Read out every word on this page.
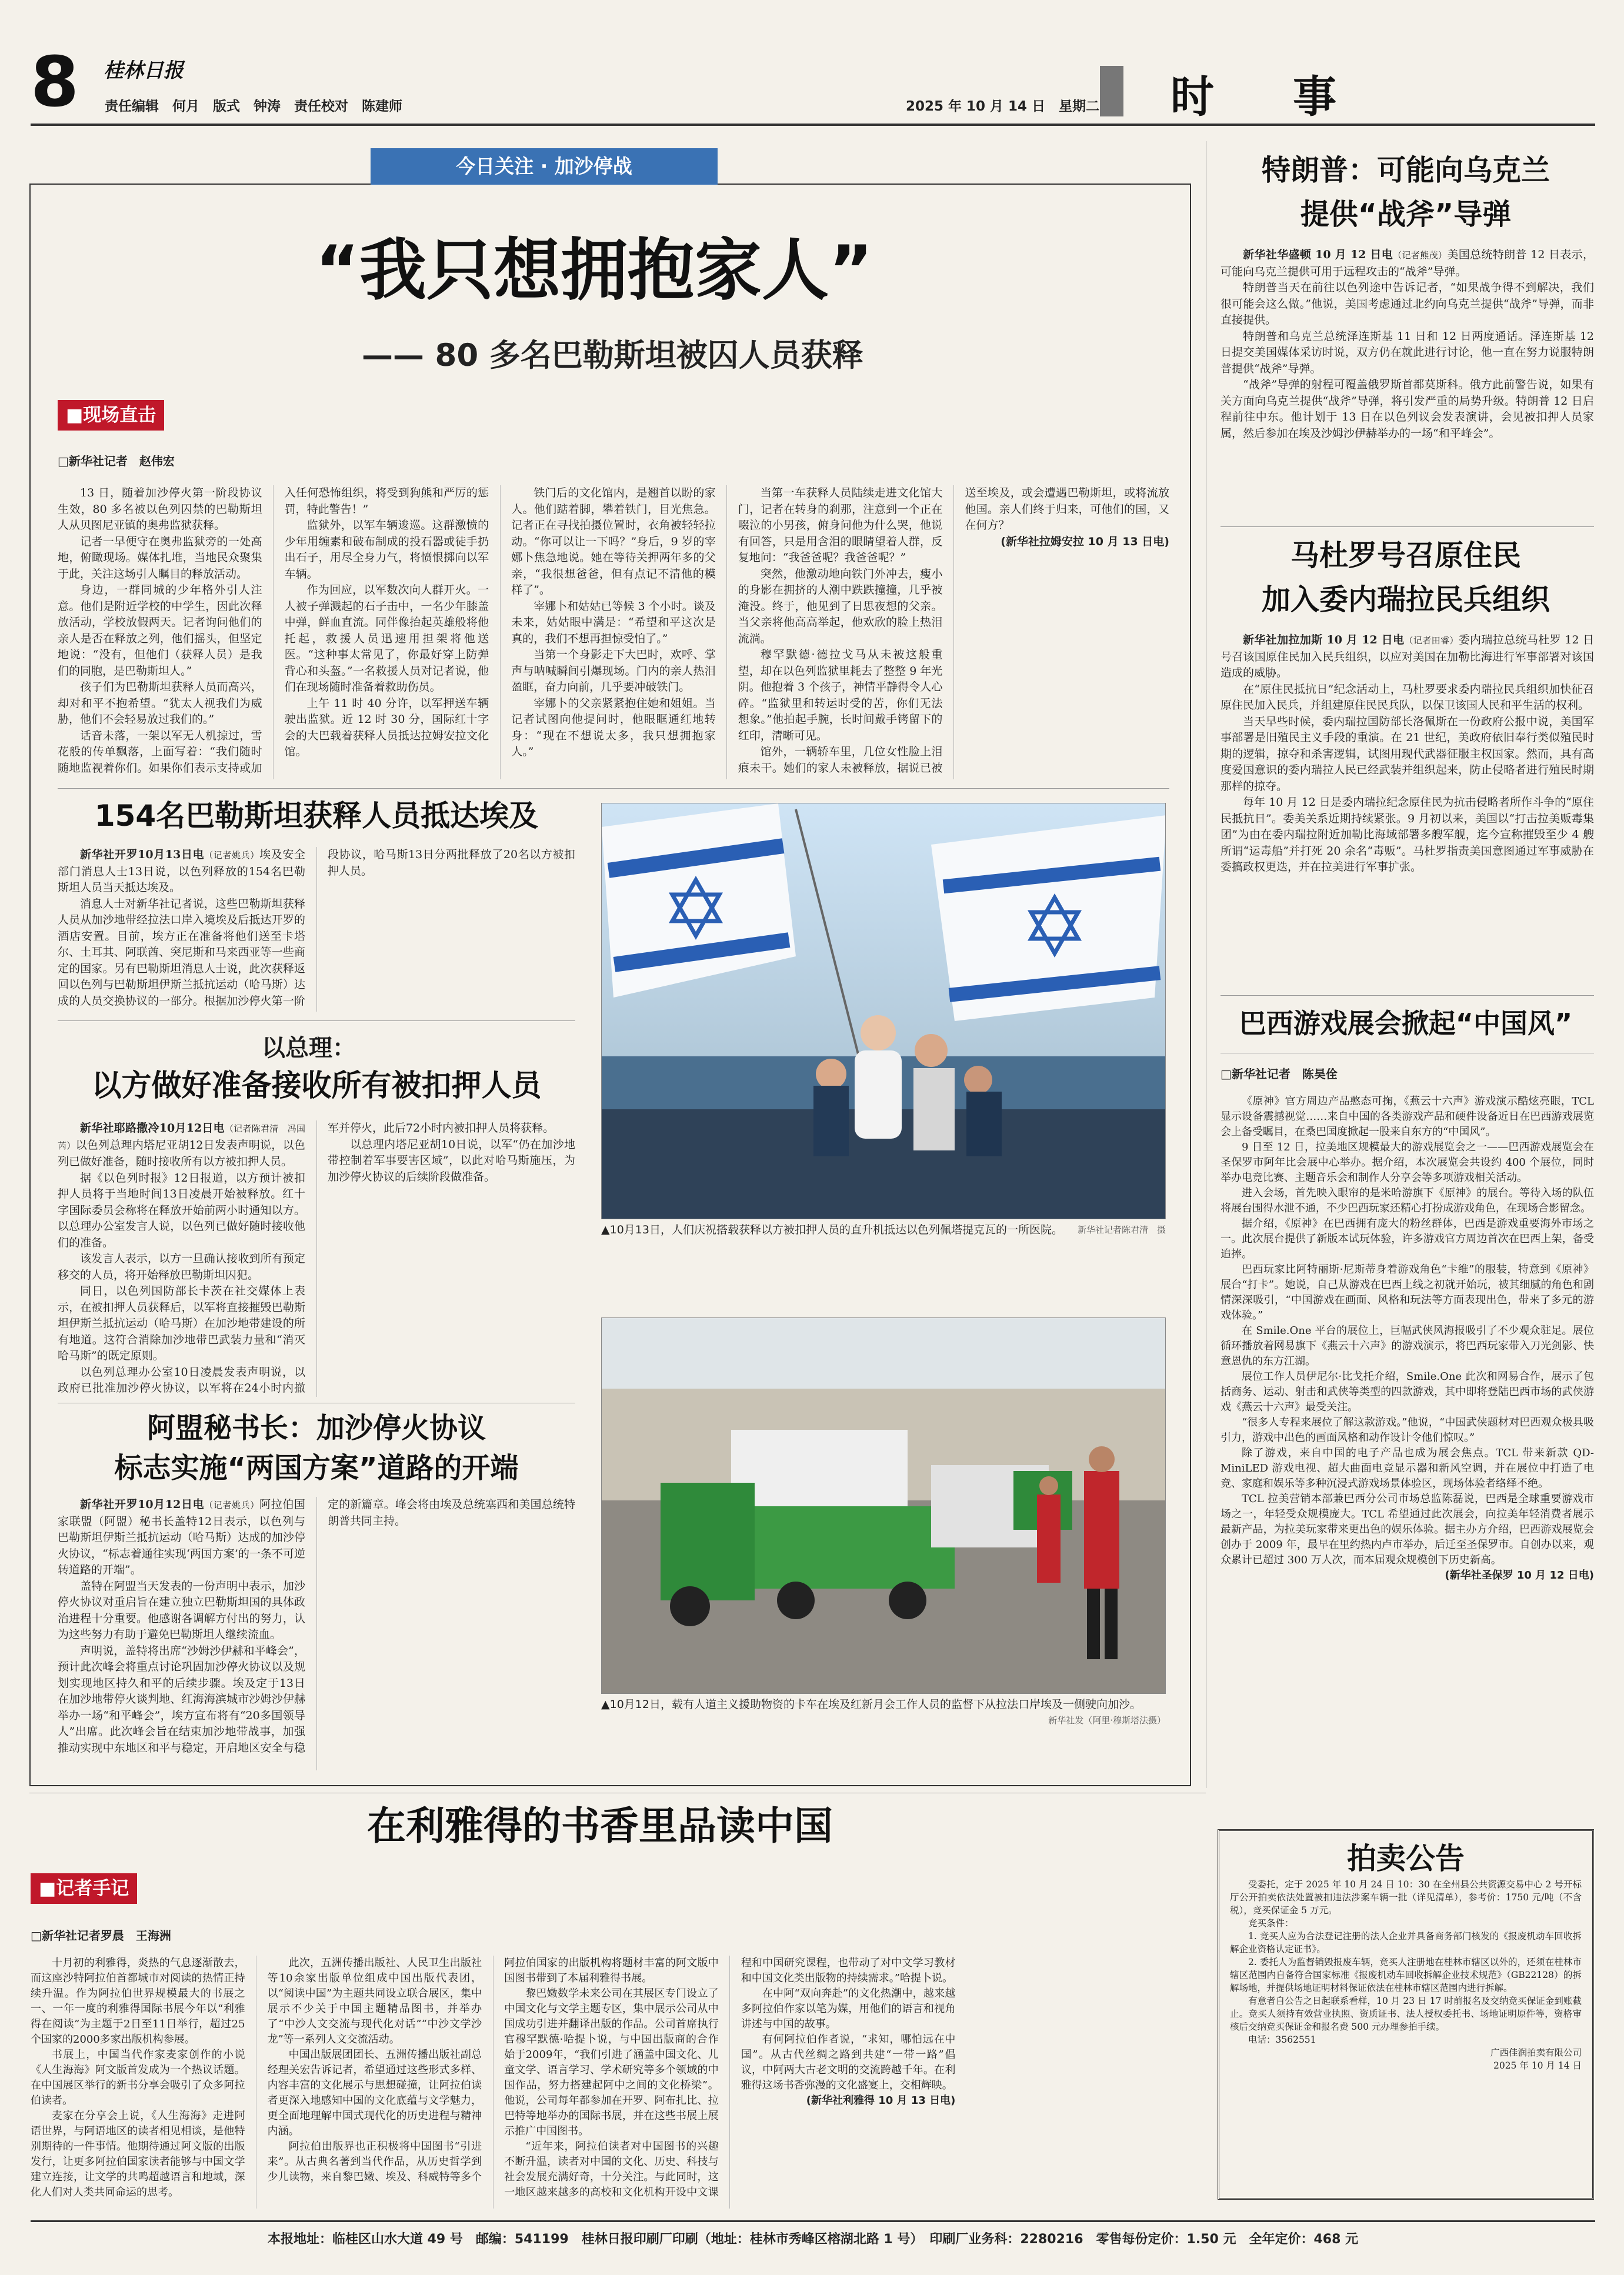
8 桂林日报
责任编辑　何月　版式　钟涛　责任校对　陈建师	2025 年 10 月 14 日　星期二 时　事
今日关注 · 加沙停战
“我只想拥抱家人”
—— 80 多名巴勒斯坦被囚人员获释
■现场直击
□新华社记者　赵伟宏

13 日，随着加沙停火第一阶段协议生效，80 多名被以色列囚禁的巴勒斯坦人从贝图尼亚镇的奥弗监狱获释。

记者一早便守在奥弗监狱旁的一处高地，俯瞰现场。媒体扎堆，当地民众聚集于此，关注这场引人瞩目的释放活动。

身边，一群同城的少年格外引人注意。他们是附近学校的中学生，因此次释放活动，学校放假两天。记者询问他们的亲人是否在释放之列，他们摇头，但坚定地说：“没有，但他们（获释人员）是我们的同胞，是巴勒斯坦人。”

孩子们为巴勒斯坦获释人员而高兴，却对和平不抱希望。“犹太人视我们为威胁，他们不会轻易放过我们的。”

话音未落，一架以军无人机掠过，雪花般的传单飘落，上面写着：“我们随时随地监视着你们。如果你们表示支持或加入任何恐怖组织，将受到狗熊和严厉的惩罚，特此警告！”

监狱外，以军车辆逡巡。这群激愤的少年用缠素和破布制成的投石器或徒手扔出石子，用尽全身力气，将愤恨掷向以军车辆。

作为回应，以军数次向人群开火。一人被子弹溅起的石子击中，一名少年膝盖中弹，鲜血直流。同伴像抬起英雄般将他托起，救援人员迅速用担架将他送医。“这种事太常见了，你最好穿上防弹背心和头盔。”一名救援人员对记者说，他们在现场随时准备着救助伤员。

上午 11 时 40 分许，以军押送车辆驶出监狱。近 12 时 30 分，国际红十字会的大巴载着获释人员抵达拉姆安拉文化馆。

铁门后的文化馆内，是翘首以盼的家人。他们踮着脚，攀着铁门，目光焦急。记者正在寻找拍摄位置时，衣角被轻轻拉动。“你可以让一下吗？”身后，9 岁的宰娜卜焦急地说。她在等待关押两年多的父亲，“我很想爸爸，但有点记不清他的模样了”。

宰娜卜和姑姑已等候 3 个小时。谈及未来，姑姑眼中满是：“希望和平这次是真的，我们不想再担惊受怕了。”

当第一个身影走下大巴时，欢呼、掌声与呐喊瞬间引爆现场。门内的亲人热泪盈眶，奋力向前，几乎要冲破铁门。

宰娜卜的父亲紧紧抱住她和姐姐。当记者试图向他提问时，他眼眶通红地转身：“现在不想说太多，我只想拥抱家人。”

当第一车获释人员陆续走进文化馆大门，记者在转身的刹那，注意到一个正在啜泣的小男孩，俯身问他为什么哭，他说有回答，只是用含泪的眼睛望着人群，反复地问：“我爸爸呢？我爸爸呢？”

突然，他激动地向铁门外冲去，瘦小的身影在拥挤的人潮中跌跌撞撞，几乎被淹没。终于，他见到了日思夜想的父亲。当父亲将他高高举起，他欢欣的脸上热泪流淌。

穆罕默德·德拉戈马从未被这般重望，却在以色列监狱里耗去了整整 9 年光阴。他抱着 3 个孩子，神情平静得令人心碎。“监狱里和转运时受的苦，你们无法想象。”他拍起手腕，长时间戴手铐留下的红印，清晰可见。

馆外，一辆轿车里，几位女性脸上泪痕未干。她们的家人未被释放，据说已被送至埃及，或会遭遇巴勒斯坦，或将流放他国。亲人们终于归来，可他们的国，又在何方？

(新华社拉姆安拉 10 月 13 日电)
154名巴勒斯坦获释人员抵达埃及

新华社开罗10月13日电（记者姚兵）埃及安全部门消息人士13日说，以色列释放的154名巴勒斯坦人员当天抵达埃及。

消息人士对新华社记者说，这些巴勒斯坦获释人员从加沙地带经拉法口岸入境埃及后抵达开罗的酒店安置。目前，埃方正在准备将他们送至卡塔尔、土耳其、阿联酋、突尼斯和马来西亚等一些商定的国家。另有巴勒斯坦消息人士说，此次获释返回以色列与巴勒斯坦伊斯兰抵抗运动（哈马斯）达成的人员交换协议的一部分。根据加沙停火第一阶段协议，哈马斯13日分两批释放了20名以方被扣押人员。

以总理：
以方做好准备接收所有被扣押人员

新华社耶路撒冷10月12日电（记者陈君清　冯国芮）以色列总理内塔尼亚胡12日发表声明说，以色列已做好准备，随时接收所有以方被扣押人员。

据《以色列时报》12日报道，以方预计被扣押人员将于当地时间13日凌晨开始被释放。红十字国际委员会称将在释放开始前两小时通知以方。以总理办公室发言人说，以色列已做好随时接收他们的准备。

该发言人表示，以方一旦确认接收到所有预定移交的人员，将开始释放巴勒斯坦囚犯。

同日，以色列国防部长卡茨在社交媒体上表示，在被扣押人员获释后，以军将直接摧毁巴勒斯坦伊斯兰抵抗运动（哈马斯）在加沙地带建设的所有地道。这符合消除加沙地带巴武装力量和“消灭哈马斯”的既定原则。

以色列总理办公室10日凌晨发表声明说，以政府已批准加沙停火协议，以军将在24小时内撤军并停火，此后72小时内被扣押人员将获释。

以总理内塔尼亚胡10日说，以军“仍在加沙地带控制着军事要害区域”，以此对哈马斯施压，为加沙停火协议的后续阶段做准备。

阿盟秘书长：加沙停火协议
标志实施“两国方案”道路的开端

新华社开罗10月12日电（记者姚兵）阿拉伯国家联盟（阿盟）秘书长盖特12日表示，以色列与巴勒斯坦伊斯兰抵抗运动（哈马斯）达成的加沙停火协议，“标志着通往实现‘两国方案’的一条不可逆转道路的开端”。

盖特在阿盟当天发表的一份声明中表示，加沙停火协议对重启旨在建立独立巴勒斯坦国的具体政治进程十分重要。他感谢各调解方付出的努力，认为这些努力有助于避免巴勒斯坦人继续流血。

声明说，盖特将出席“沙姆沙伊赫和平峰会”，预计此次峰会将重点讨论巩固加沙停火协议以及规划实现地区持久和平的后续步骤。埃及定于13日在加沙地带停火谈判地、红海海滨城市沙姆沙伊赫举办一场“和平峰会”，埃方宣布将有“20多国领导人”出席。此次峰会旨在结束加沙地带战事，加强推动实现中东地区和平与稳定，开启地区安全与稳定的新篇章。峰会将由埃及总统塞西和美国总统特朗普共同主持。

▲10月13日，人们庆祝搭载获释以方被扣押人员的直升机抵达以色列佩塔提克瓦的一所医院。 新华社记者陈君清　摄
▲10月12日，载有人道主义援助物资的卡车在埃及红新月会工作人员的监督下从拉法口岸埃及一侧驶向加沙。
新华社发（阿里·穆斯塔法摄）
特朗普：可能向乌克兰
提供“战斧”导弹

新华社华盛顿 10 月 12 日电（记者熊茂）美国总统特朗普 12 日表示，可能向乌克兰提供可用于远程攻击的“战斧”导弹。

特朗普当天在前往以色列途中告诉记者，“如果战争得不到解决，我们很可能会这么做。”他说，美国考虑通过北约向乌克兰提供“战斧”导弹，而非直接提供。

特朗普和乌克兰总统泽连斯基 11 日和 12 日两度通话。泽连斯基 12 日提交美国媒体采访时说，双方仍在就此进行讨论，他一直在努力说服特朗普提供“战斧”导弹。

“战斧”导弹的射程可覆盖俄罗斯首都莫斯科。俄方此前警告说，如果有关方面向乌克兰提供“战斧”导弹，将引发严重的局势升级。特朗普 12 日启程前往中东。他计划于 13 日在以色列议会发表演讲，会见被扣押人员家属，然后参加在埃及沙姆沙伊赫举办的一场“和平峰会”。

马杜罗号召原住民
加入委内瑞拉民兵组织

新华社加拉加斯 10 月 12 日电（记者田睿）委内瑞拉总统马杜罗 12 日号召该国原住民加入民兵组织，以应对美国在加勒比海进行军事部署对该国造成的威胁。

在“原住民抵抗日”纪念活动上，马杜罗要求委内瑞拉民兵组织加快征召原住民加入民兵，并组建原住民民兵队，以保卫该国人民和平生活的权利。

当天早些时候，委内瑞拉国防部长洛佩斯在一份政府公报中说，美国军事部署是旧殖民主义手段的重演。在 21 世纪，美政府依旧奉行类似殖民时期的逻辑，掠夺和杀害逻辑，试图用现代武器征服主权国家。然而，具有高度爱国意识的委内瑞拉人民已经武装并组织起来，防止侵略者进行殖民时期那样的掠夺。

每年 10 月 12 日是委内瑞拉纪念原住民为抗击侵略者所作斗争的“原住民抵抗日”。委美关系近期持续紧张。9 月初以来，美国以“打击拉美贩毒集团”为由在委内瑞拉附近加勒比海域部署多艘军舰，迄今宣称摧毁至少 4 艘所谓“运毒船”并打死 20 余名“毒贩”。马杜罗指责美国意图通过军事威胁在委搞政权更迭，并在拉美进行军事扩张。

巴西游戏展会掀起“中国风”
□新华社记者　陈昊佺

《原神》官方周边产品憨态可掬，《燕云十六声》游戏演示酷炫亮眼，TCL 显示设备震撼视觉……来自中国的各类游戏产品和硬件设备近日在巴西游戏展览会上备受瞩目，在桑巴国度掀起一股来自东方的“中国风”。

9 日至 12 日，拉美地区规模最大的游戏展览会之一——巴西游戏展览会在圣保罗市阿年比会展中心举办。据介绍，本次展览会共设约 400 个展位，同时举办电竞比赛、主题音乐会和制作人分享会等多项游戏相关活动。

进入会场，首先映入眼帘的是米哈游旗下《原神》的展台。等待入场的队伍将展台围得水泄不通，不少巴西玩家还精心打扮成游戏角色，在现场合影留念。

据介绍，《原神》在巴西拥有庞大的粉丝群体，巴西是游戏重要海外市场之一。此次展台提供了新版本试玩体验，许多游戏官方周边首次在巴西上架，备受追捧。

巴西玩家比阿特丽斯·尼斯蒂身着游戏角色“卡维”的服装，特意到《原神》展台“打卡”。她说，自己从游戏在巴西上线之初就开始玩，被其细腻的角色和剧情深深吸引，“中国游戏在画面、风格和玩法等方面表现出色，带来了多元的游戏体验。”

在 Smile.One 平台的展位上，巨幅武侠风海报吸引了不少观众驻足。展位循环播放着网易旗下《燕云十六声》的游戏演示，将巴西玩家带入刀光剑影、快意恩仇的东方江湖。

展位工作人员伊尼尔·比戈托介绍，Smile.One 此次和网易合作，展示了包括商务、运动、射击和武侠等类型的四款游戏，其中即将登陆巴西市场的武侠游戏《燕云十六声》最受关注。

“很多人专程来展位了解这款游戏。”他说，“中国武侠题材对巴西观众极具吸引力，游戏中出色的画面风格和动作设计令他们惊叹。”

除了游戏，来自中国的电子产品也成为展会焦点。TCL 带来新款 QD-MiniLED 游戏电视、超大曲面电竞显示器和新风空调，并在展位中打造了电竞、家庭和娱乐等多种沉浸式游戏场景体验区，现场体验者络绎不绝。

TCL 拉美营销本部兼巴西分公司市场总监陈磊说，巴西是全球重要游戏市场之一，年轻受众规模庞大。TCL 希望通过此次展会，向拉美年轻消费者展示最新产品，为拉美玩家带来更出色的娱乐体验。据主办方介绍，巴西游戏展览会创办于 2009 年，最早在里约热内卢市举办，后迁至圣保罗市。自创办以来，观众累计已超过 300 万人次，而本届观众规模创下历史新高。

(新华社圣保罗 10 月 12 日电)
在利雅得的书香里品读中国
■记者手记
□新华社记者罗晨　王海洲

十月初的利雅得，炎热的气息逐渐散去，而这座沙特阿拉伯首都城市对阅读的热情正持续升温。作为阿拉伯世界规模最大的书展之一、一年一度的利雅得国际书展今年以“利雅得在阅读”为主题于2日至11日举行，超过25个国家的2000多家出版机构参展。

书展上，中国当代作家麦家创作的小说《人生海海》阿文版首发成为一个热议话题。在中国展区举行的新书分享会吸引了众多阿拉伯读者。

麦家在分享会上说，《人生海海》走进阿语世界，与阿语地区的读者相见相谈，是他特别期待的一件事情。他期待通过阿文版的出版发行，让更多阿拉伯国家读者能够与中国文学建立连接，让文学的共鸣超越语言和地域，深化人们对人类共同命运的思考。

此次，五洲传播出版社、人民卫生出版社等10余家出版单位组成中国出版代表团，以“阅读中国”为主题共同设立联合展区，集中展示不少关于中国主题精品图书，并举办了“中沙人文交流与现代化对话”“中沙文学沙龙”等一系列人文交流活动。

中国出版展团团长、五洲传播出版社副总经理关宏告诉记者，希望通过这些形式多样、内容丰富的文化展示与思想碰撞，让阿拉伯读者更深入地感知中国的文化底蕴与文学魅力，更全面地理解中国式现代化的历史进程与精神内涵。

阿拉伯出版界也正积极将中国图书“引进来”。从古典名著到当代作品，从历史哲学到少儿读物，来自黎巴嫩、埃及、科威特等多个阿拉伯国家的出版机构将题材丰富的阿文版中国图书带到了本届利雅得书展。

黎巴嫩数学未来公司在其展区专门设立了中国文化与文学主题专区，集中展示公司从中国成功引进并翻译出版的作品。公司首席执行官穆罕默德·哈提卜说，与中国出版商的合作始于2009年，“我们引进了涵盖中国文化、儿童文学、语言学习、学术研究等多个领域的中国作品，努力搭建起阿中之间的文化桥梁”。他说，公司每年都参加在开罗、阿布扎比、拉巴特等地举办的国际书展，并在这些书展上展示推广中国图书。

“近年来，阿拉伯读者对中国图书的兴趣不断升温，读者对中国的文化、历史、科技与社会发展充满好奇，十分关注。与此同时，这一地区越来越多的高校和文化机构开设中文课程和中国研究课程，也带动了对中文学习教材和中国文化类出版物的持续需求。”哈提卜说。

在中阿“双向奔赴”的文化热潮中，越来越多阿拉伯作家以笔为媒，用他们的语言和视角讲述与中国的故事。

有何阿拉伯作者说，“求知，哪怕远在中国”。从古代丝绸之路到共建“一带一路”倡议，中阿两大古老文明的交流跨越千年。在利雅得这场书香弥漫的文化盛宴上，交相辉映。

(新华社利雅得 10 月 13 日电)
拍卖公告

受委托，定于 2025 年 10 月 24 日 10：30 在全州县公共资源交易中心 2 号开标厅公开拍卖依法处置被扣违法涉案车辆一批（详见清单），参考价：1750 元/吨（不含税），竞买保证金 5 万元。

竞买条件：

1. 竞买人应为合法登记注册的法人企业并具备商务部门核发的《报废机动车回收拆解企业资格认定证书》。

2. 委托人为监督销毁报废车辆，竞买人注册地在桂林市辖区以外的，还须在桂林市辖区范围内自备符合国家标准《报废机动车回收拆解企业技术规范》（GB22128）的拆解场地，并提供场地证明材料保证依法在桂林市辖区范围内进行拆解。

有意者自公告之日起联系看样，10 月 23 日 17 时前报名及交纳竞买保证金到账截止。竞买人须持有效营业执照、资质证书、法人授权委托书、场地证明原件等，资格审核后交纳竞买保证金和报名费 500 元办理参拍手续。

电话：3562551

广西佳润拍卖有限公司
2025 年 10 月 14 日
本报地址：临桂区山水大道 49 号　邮编：541199　桂林日报印刷厂印刷（地址：桂林市秀峰区榕湖北路 1 号）　印刷厂业务科：2280216　零售每份定价：1.50 元　全年定价：468 元
